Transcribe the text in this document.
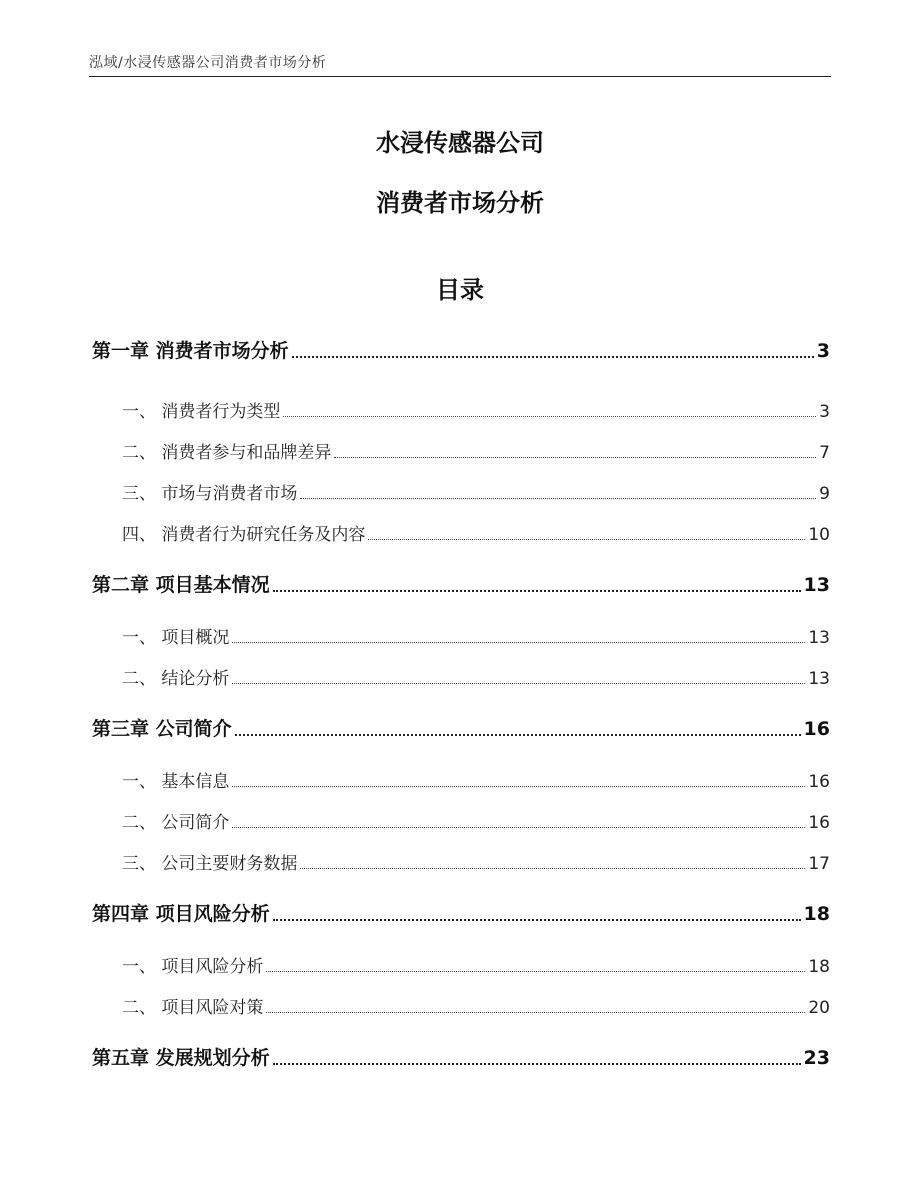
泓域/水浸传感器公司消费者市场分析
水浸传感器公司
消费者市场分析
目录
第一章 消费者市场分析	3
一、 消费者行为类型	3
二、 消费者参与和品牌差异	7
三、 市场与消费者市场	9
四、 消费者行为研究任务及内容	10
第二章 项目基本情况	13
一、 项目概况	13
二、 结论分析	13
第三章 公司简介	16
一、 基本信息	16
二、 公司简介	16
三、 公司主要财务数据	17
第四章 项目风险分析	18
一、 项目风险分析	18
二、 项目风险对策	20
第五章 发展规划分析	23
